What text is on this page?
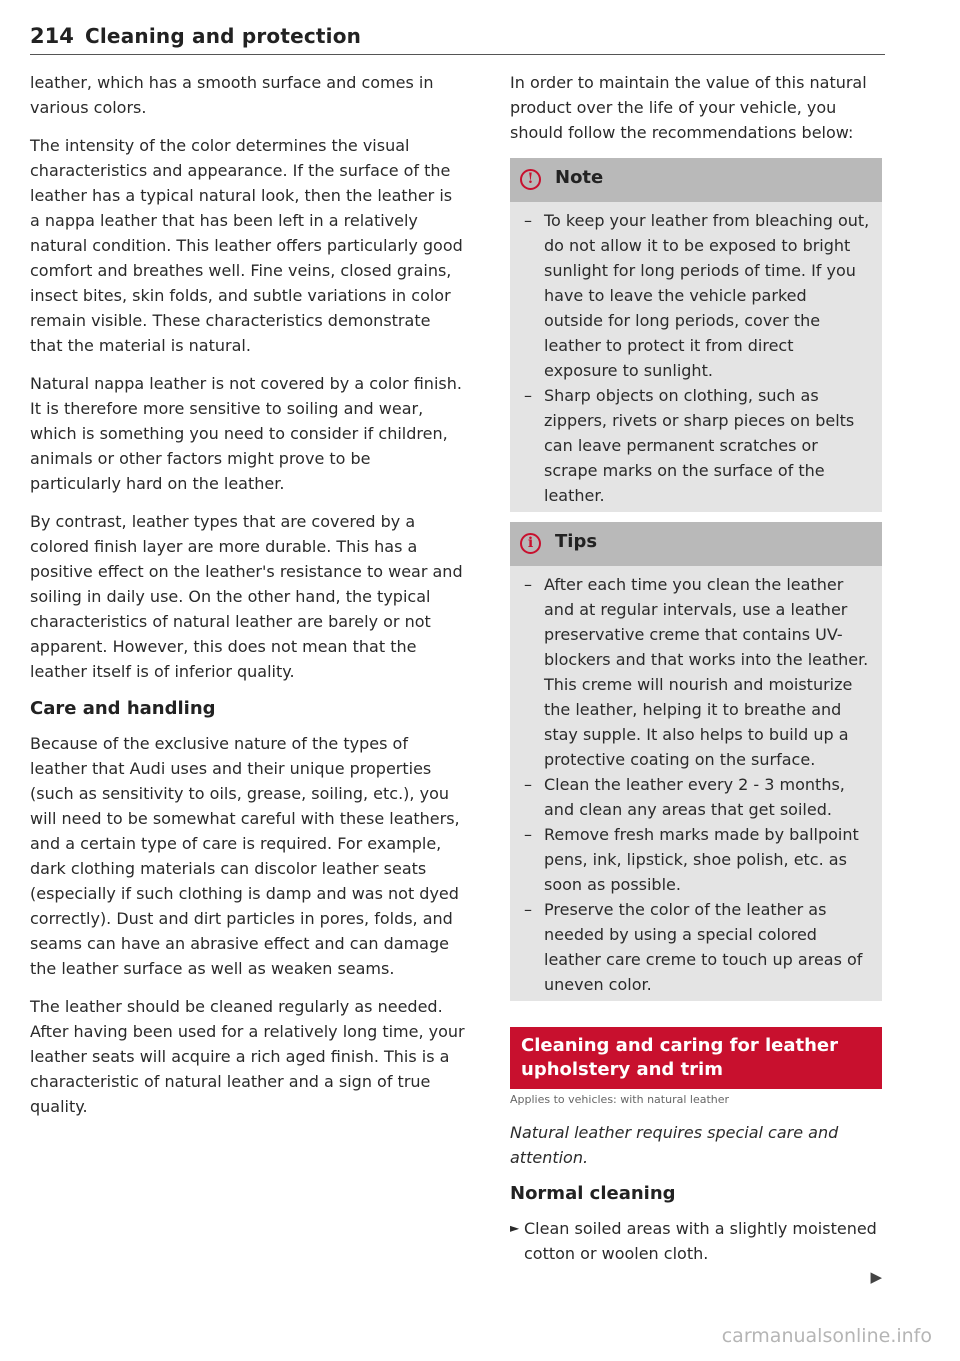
214 Cleaning and protection

leather, which has a smooth surface and comes in various colors.

The intensity of the color determines the visual characteristics and appearance. If the surface of the leather has a typical natural look, then the leather is a nappa leather that has been left in a relatively natural condition. This leather offers particularly good comfort and breathes well. Fine veins, closed grains, insect bites, skin folds, and subtle variations in color remain visible. These characteristics demonstrate that the material is natural.

Natural nappa leather is not covered by a color finish. It is therefore more sensitive to soiling and wear, which is something you need to consider if children, animals or other factors might prove to be particularly hard on the leather.

By contrast, leather types that are covered by a colored finish layer are more durable. This has a positive effect on the leather's resistance to wear and soiling in daily use. On the other hand, the typical characteristics of natural leather are barely or not apparent. However, this does not mean that the leather itself is of inferior quality.

Care and handling

Because of the exclusive nature of the types of leather that Audi uses and their unique properties (such as sensitivity to oils, grease, soiling, etc.), you will need to be somewhat careful with these leathers, and a certain type of care is required. For example, dark clothing materials can discolor leather seats (especially if such clothing is damp and was not dyed correctly). Dust and dirt particles in pores, folds, and seams can have an abrasive effect and can damage the leather surface as well as weaken seams.

The leather should be cleaned regularly as needed. After having been used for a relatively long time, your leather seats will acquire a rich aged finish. This is a characteristic of natural leather and a sign of true quality.

In order to maintain the value of this natural product over the life of your vehicle, you should follow the recommendations below:

!	Note
– To keep your leather from bleaching out, do not allow it to be exposed to bright sunlight for long periods of time. If you have to leave the vehicle parked outside for long periods, cover the leather to protect it from direct exposure to sunlight.
– Sharp objects on clothing, such as zippers, rivets or sharp pieces on belts can leave permanent scratches or scrape marks on the surface of the leather.
i	Tips
– After each time you clean the leather and at regular intervals, use a leather preservative creme that contains UV-blockers and that works into the leather. This creme will nourish and moisturize the leather, helping it to breathe and stay supple. It also helps to build up a protective coating on the surface.
– Clean the leather every 2 - 3 months, and clean any areas that get soiled.
– Remove fresh marks made by ballpoint pens, ink, lipstick, shoe polish, etc. as soon as possible.
– Preserve the color of the leather as needed by using a special colored leather care creme to touch up areas of uneven color.
Cleaning and caring for leather upholstery and trim
Applies to vehicles: with natural leather

Natural leather requires special care and attention.

Normal cleaning
► Clean soiled areas with a slightly moistened cotton or woolen cloth.
▶
carmanualsonline.info
